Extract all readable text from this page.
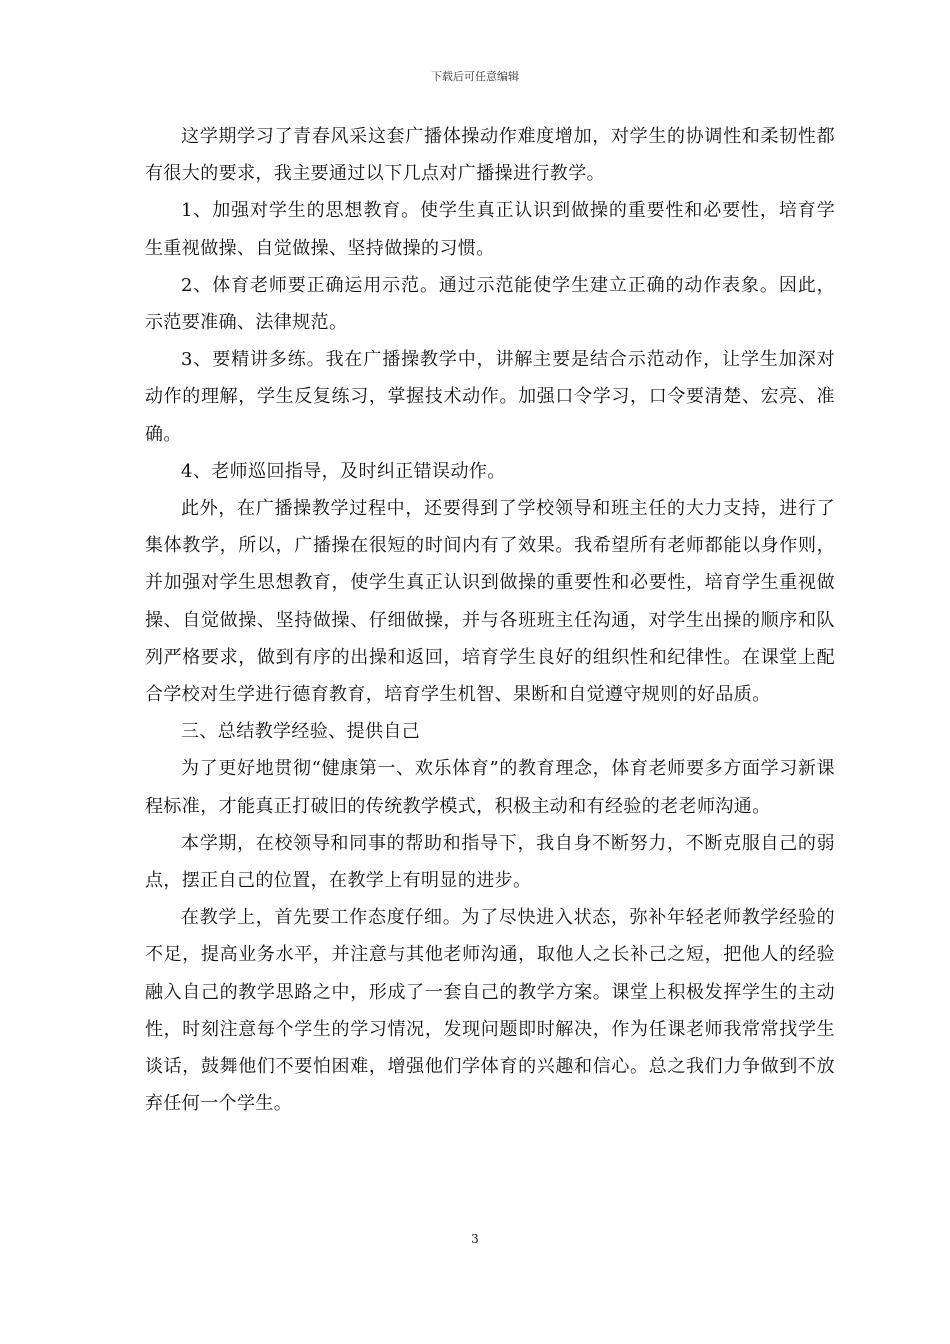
下载后可任意编辑

这学期学习了青春风采这套广播体操动作难度增加，对学生的协调性和柔韧性都有很大的要求，我主要通过以下几点对广播操进行教学。

1、加强对学生的思想教育。使学生真正认识到做操的重要性和必要性，培育学生重视做操、自觉做操、坚持做操的习惯。

2、体育老师要正确运用示范。通过示范能使学生建立正确的动作表象。因此，示范要准确、法律规范。

3、要精讲多练。我在广播操教学中，讲解主要是结合示范动作，让学生加深对动作的理解，学生反复练习，掌握技术动作。加强口令学习，口令要清楚、宏亮、准确。

4、老师巡回指导，及时纠正错误动作。

此外，在广播操教学过程中，还要得到了学校领导和班主任的大力支持，进行了集体教学，所以，广播操在很短的时间内有了效果。我希望所有老师都能以身作则，并加强对学生思想教育，使学生真正认识到做操的重要性和必要性，培育学生重视做操、自觉做操、坚持做操、仔细做操，并与各班班主任沟通，对学生出操的顺序和队列严格要求，做到有序的出操和返回，培育学生良好的组织性和纪律性。在课堂上配合学校对生学进行德育教育，培育学生机智、果断和自觉遵守规则的好品质。

三、总结教学经验、提供自己

为了更好地贯彻“健康第一、欢乐体育”的教育理念，体育老师要多方面学习新课程标准，才能真正打破旧的传统教学模式，积极主动和有经验的老老师沟通。

本学期，在校领导和同事的帮助和指导下，我自身不断努力，不断克服自己的弱点，摆正自己的位置，在教学上有明显的进步。

在教学上，首先要工作态度仔细。为了尽快进入状态，弥补年轻老师教学经验的不足，提高业务水平，并注意与其他老师沟通，取他人之长补己之短，把他人的经验融入自己的教学思路之中，形成了一套自己的教学方案。课堂上积极发挥学生的主动性，时刻注意每个学生的学习情况，发现问题即时解决，作为任课老师我常常找学生谈话，鼓舞他们不要怕困难，增强他们学体育的兴趣和信心。总之我们力争做到不放弃任何一个学生。

3
